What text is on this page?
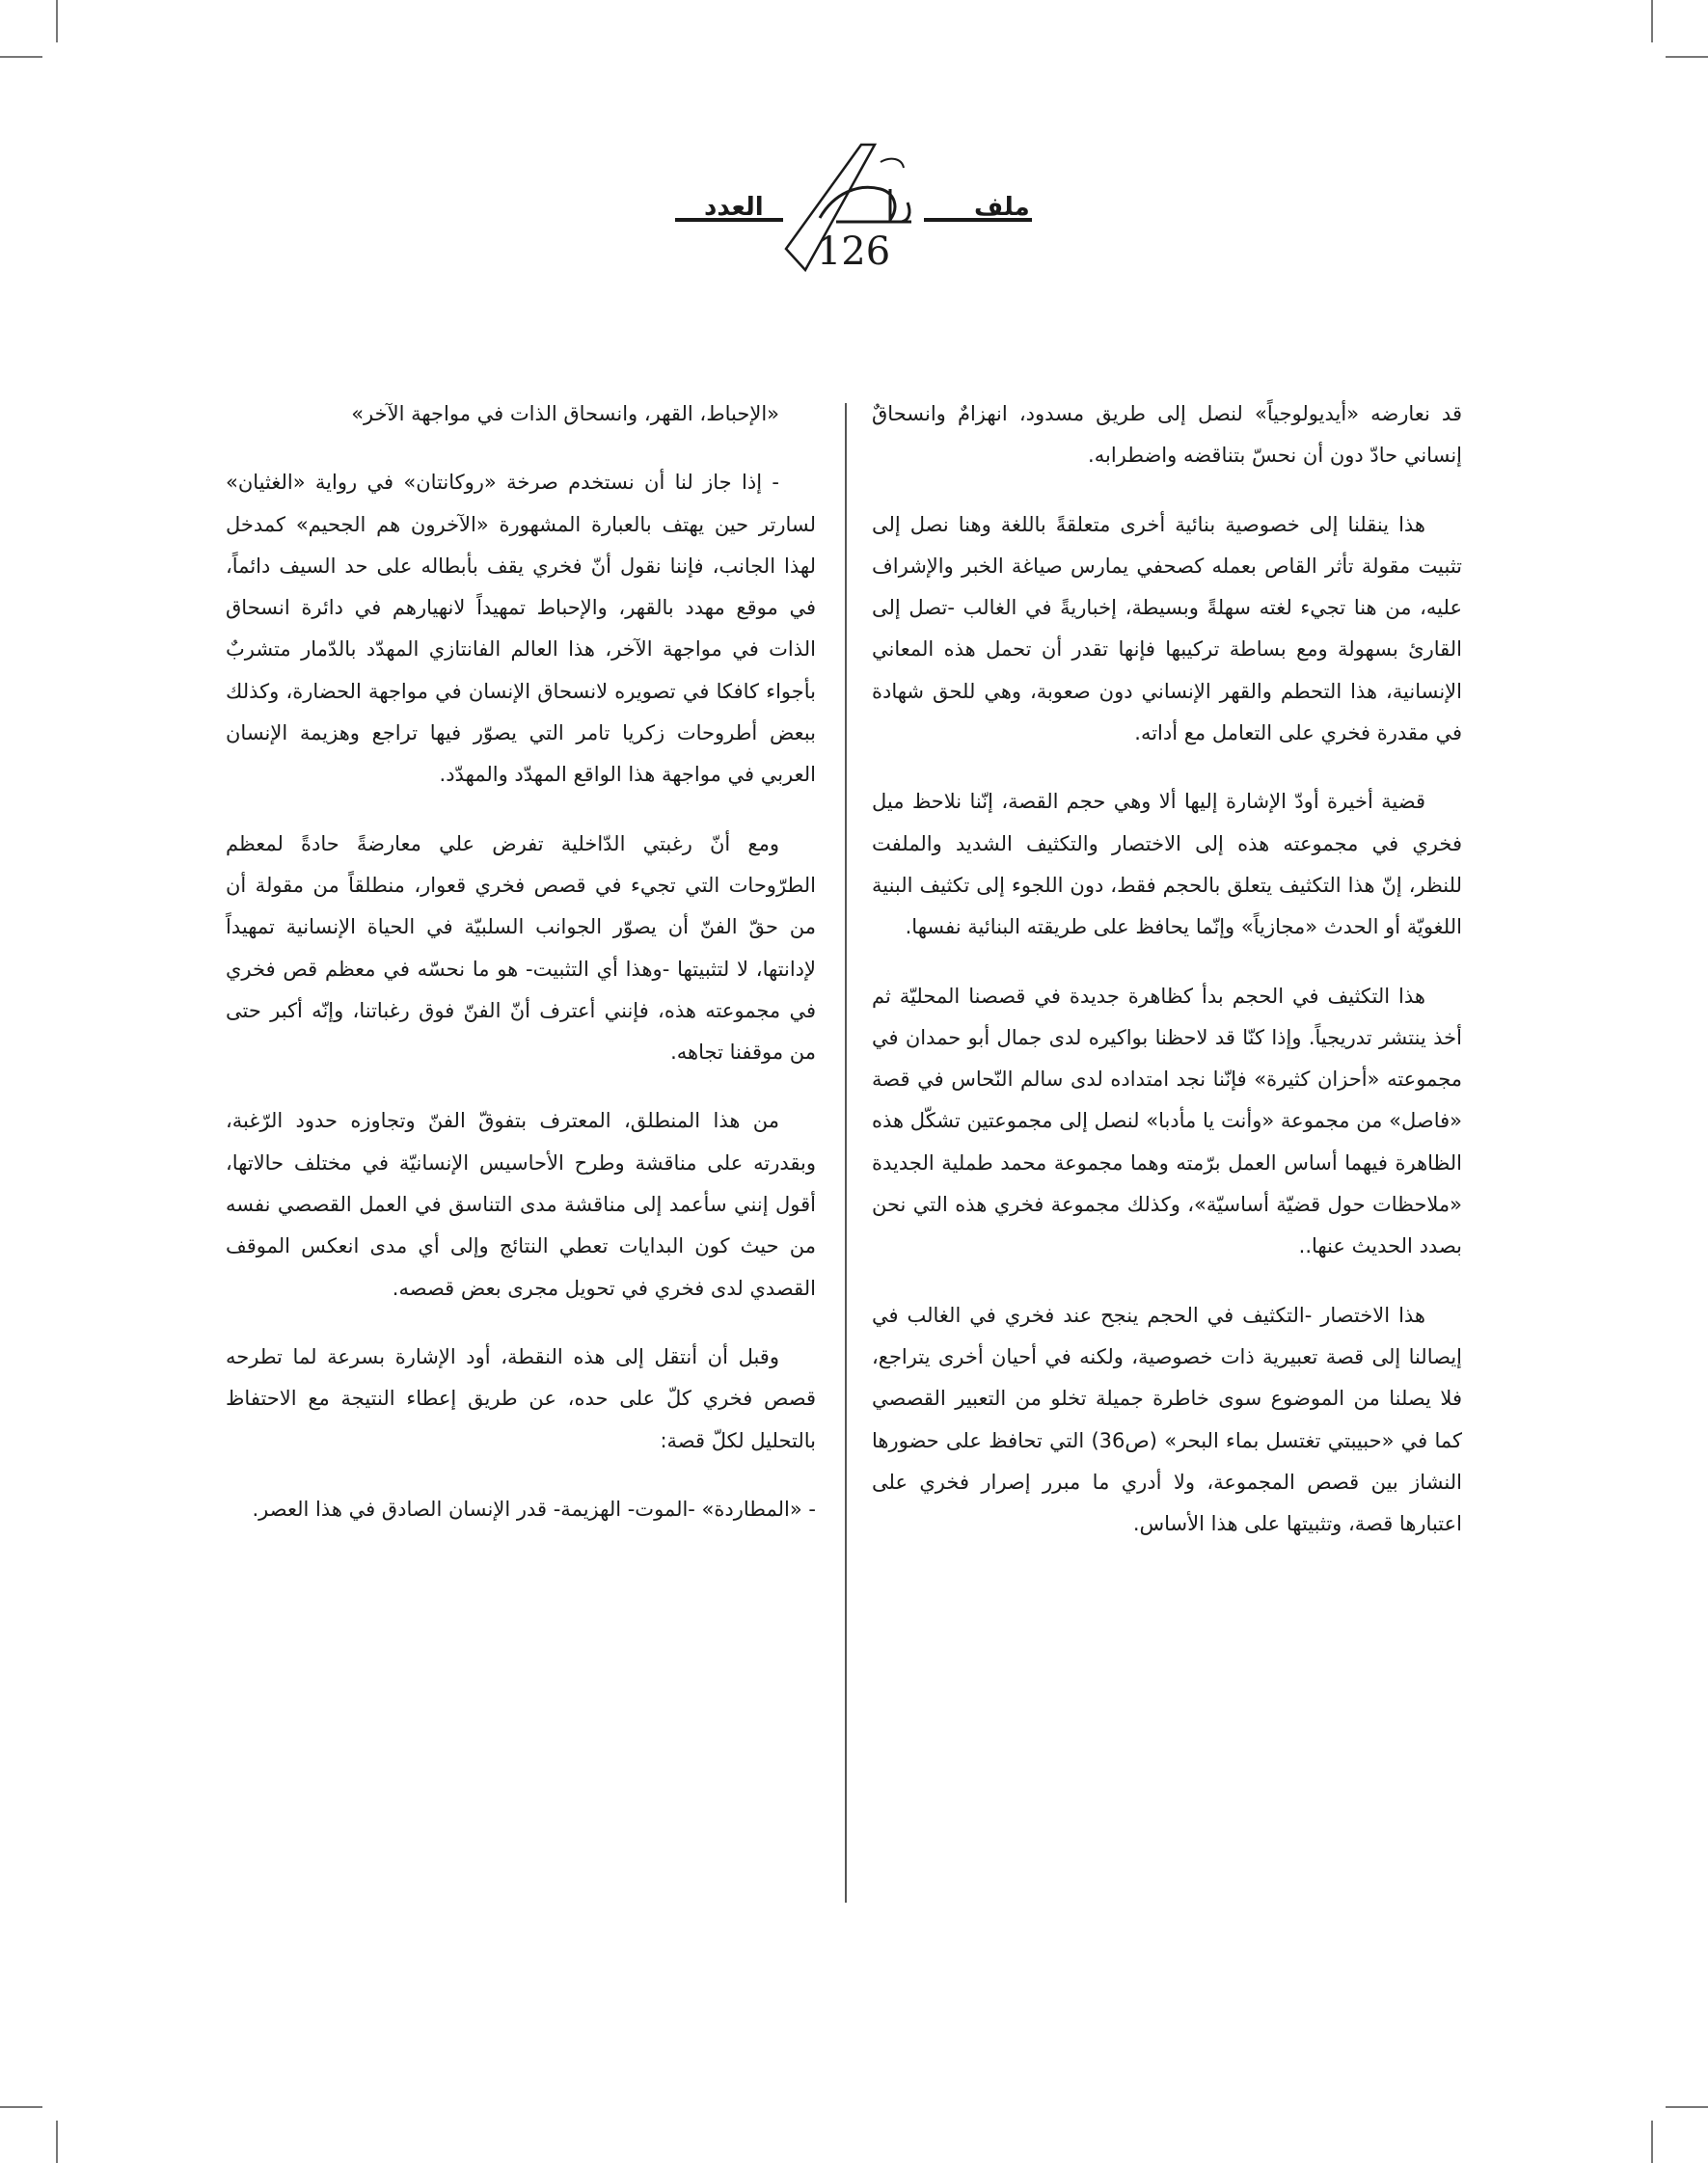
ملف
العدد
126

قد نعارضه «أيديولوجياً» لنصل إلى طريق مسدود، انهزامٌ وانسحاقٌ إنساني حادّ دون أن نحسّ بتناقضه واضطرابه.

هذا ينقلنا إلى خصوصية بنائية أخرى متعلقةً باللغة وهنا نصل إلى تثبيت مقولة تأثر القاص بعمله كصحفي يمارس صياغة الخبر والإشراف عليه، من هنا تجيء لغته سهلةً وبسيطة، إخباريةً في الغالب -تصل إلى القارئ بسهولة ومع بساطة تركيبها فإنها تقدر أن تحمل هذه المعاني الإنسانية، هذا التحطم والقهر الإنساني دون صعوبة، وهي للحق شهادة في مقدرة فخري على التعامل مع أداته.

قضية أخيرة أودّ الإشارة إليها ألا وهي حجم القصة، إنّنا نلاحظ ميل فخري في مجموعته هذه إلى الاختصار والتكثيف الشديد والملفت للنظر، إنّ هذا التكثيف يتعلق بالحجم فقط، دون اللجوء إلى تكثيف البنية اللغويّة أو الحدث «مجازياً» وإنّما يحافظ على طريقته البنائية نفسها.

هذا التكثيف في الحجم بدأ كظاهرة جديدة في قصصنا المحليّة ثم أخذ ينتشر تدريجياً. وإذا كنّا قد لاحظنا بواكيره لدى جمال أبو حمدان في مجموعته «أحزان كثيرة» فإنّنا نجد امتداده لدى سالم النّحاس في قصة «فاصل» من مجموعة «وأنت يا مأدبا» لنصل إلى مجموعتين تشكّل هذه الظاهرة فيهما أساس العمل برّمته وهما مجموعة محمد طملية الجديدة «ملاحظات حول قضيّة أساسيّة»، وكذلك مجموعة فخري هذه التي نحن بصدد الحديث عنها..

هذا الاختصار -التكثيف في الحجم ينجح عند فخري في الغالب في إيصالنا إلى قصة تعبيرية ذات خصوصية، ولكنه في أحيان أخرى يتراجع، فلا يصلنا من الموضوع سوى خاطرة جميلة تخلو من التعبير القصصي كما في «حبيبتي تغتسل بماء البحر» (ص36) التي تحافظ على حضورها النشاز بين قصص المجموعة، ولا أدري ما مبرر إصرار فخري على اعتبارها قصة، وتثبيتها على هذا الأساس.

«الإحباط، القهر، وانسحاق الذات في مواجهة الآخر»

- إذا جاز لنا أن نستخدم صرخة «روكانتان» في رواية «الغثيان» لسارتر حين يهتف بالعبارة المشهورة «الآخرون هم الجحيم» كمدخل لهذا الجانب، فإننا نقول أنّ فخري يقف بأبطاله على حد السيف دائماً، في موقع مهدد بالقهر، والإحباط تمهيداً لانهيارهم في دائرة انسحاق الذات في مواجهة الآخر، هذا العالم الفانتازي المهدّد بالدّمار متشربٌ بأجواء كافكا في تصويره لانسحاق الإنسان في مواجهة الحضارة، وكذلك ببعض أطروحات زكريا تامر التي يصوّر فيها تراجع وهزيمة الإنسان العربي في مواجهة هذا الواقع المهدّد والمهدّد.

ومع أنّ رغبتي الدّاخلية تفرض علي معارضةً حادةً لمعظم الطرّوحات التي تجيء في قصص فخري قعوار، منطلقاً من مقولة أن من حقّ الفنّ أن يصوّر الجوانب السلبيّة في الحياة الإنسانية تمهيداً لإدانتها، لا لتثبيتها -وهذا أي التثبيت- هو ما نحسّه في معظم قص فخري في مجموعته هذه، فإنني أعترف أنّ الفنّ فوق رغباتنا، وإنّه أكبر حتى من موقفنا تجاهه.

من هذا المنطلق، المعترف بتفوقّ الفنّ وتجاوزه حدود الرّغبة، وبقدرته على مناقشة وطرح الأحاسيس الإنسانيّة في مختلف حالاتها، أقول إنني سأعمد إلى مناقشة مدى التناسق في العمل القصصي نفسه من حيث كون البدايات تعطي النتائج وإلى أي مدى انعكس الموقف القصدي لدى فخري في تحويل مجرى بعض قصصه.

وقبل أن أنتقل إلى هذه النقطة، أود الإشارة بسرعة لما تطرحه قصص فخري كلّ على حده، عن طريق إعطاء النتيجة مع الاحتفاظ بالتحليل لكلّ قصة:

- «المطاردة» -الموت- الهزيمة- قدر الإنسان الصادق في هذا العصر.
